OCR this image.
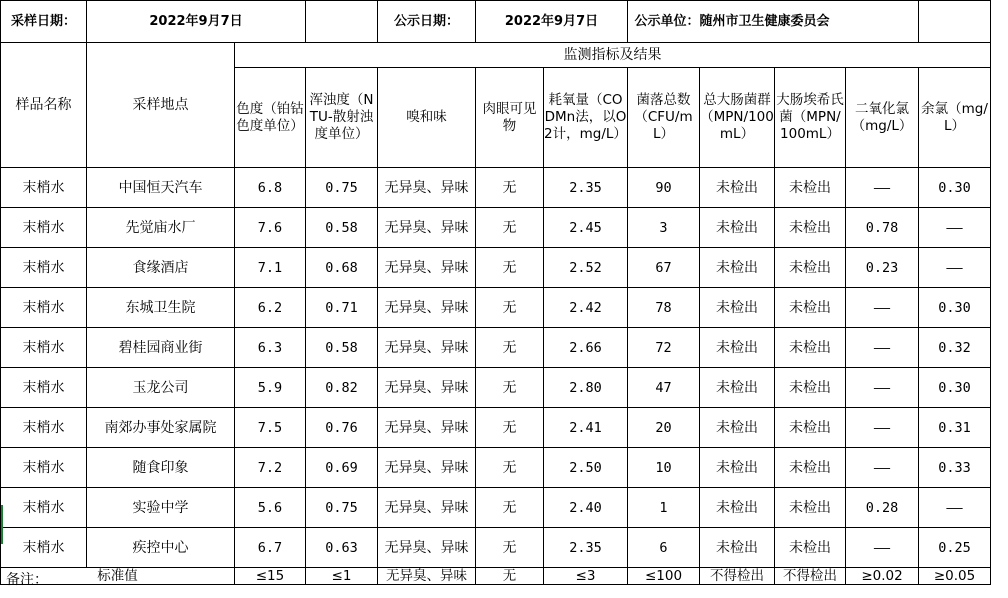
采样日期：	2022年9月7日			公示日期：	2022年9月7日		公示单位：	随州市卫生健康委员会			
样品名称	采样地点	监测指标及结果									
		色度（铂钴色度单位）	浑浊度（NTU-散射浊度单位）	嗅和味	肉眼可见物	耗氧量（CODMn法，以O2计，mg/L）	菌落总数（CFU/mL）	总大肠菌群（MPN/100mL）	大肠埃希氏菌（MPN/100mL）	二氧化氯（mg/L）	余氯（mg/L）
末梢水	中国恒天汽车	6.8	0.75	无异臭、异味	无	2.35	90	未检出	未检出	——	0.30
末梢水	先觉庙水厂	7.6	0.58	无异臭、异味	无	2.45	3	未检出	未检出	0.78	——
末梢水	食缘酒店	7.1	0.68	无异臭、异味	无	2.52	67	未检出	未检出	0.23	——
末梢水	东城卫生院	6.2	0.71	无异臭、异味	无	2.42	78	未检出	未检出	——	0.30
末梢水	碧桂园商业街	6.3	0.58	无异臭、异味	无	2.66	72	未检出	未检出	——	0.32
末梢水	玉龙公司	5.9	0.82	无异臭、异味	无	2.80	47	未检出	未检出	——	0.30
末梢水	南郊办事处家属院	7.5	0.76	无异臭、异味	无	2.41	20	未检出	未检出	——	0.31
末梢水	随食印象	7.2	0.69	无异臭、异味	无	2.50	10	未检出	未检出	——	0.33
末梢水	实验中学	5.6	0.75	无异臭、异味	无	2.40	1	未检出	未检出	0.28	——
末梢水	疾控中心	6.7	0.63	无异臭、异味	无	2.35	6	未检出	未检出	——	0.25
标准值		≤15	≤1	无异臭、异味	无	≤3	≤100	不得检出	不得检出	≥0.02	≥0.05
备注：
